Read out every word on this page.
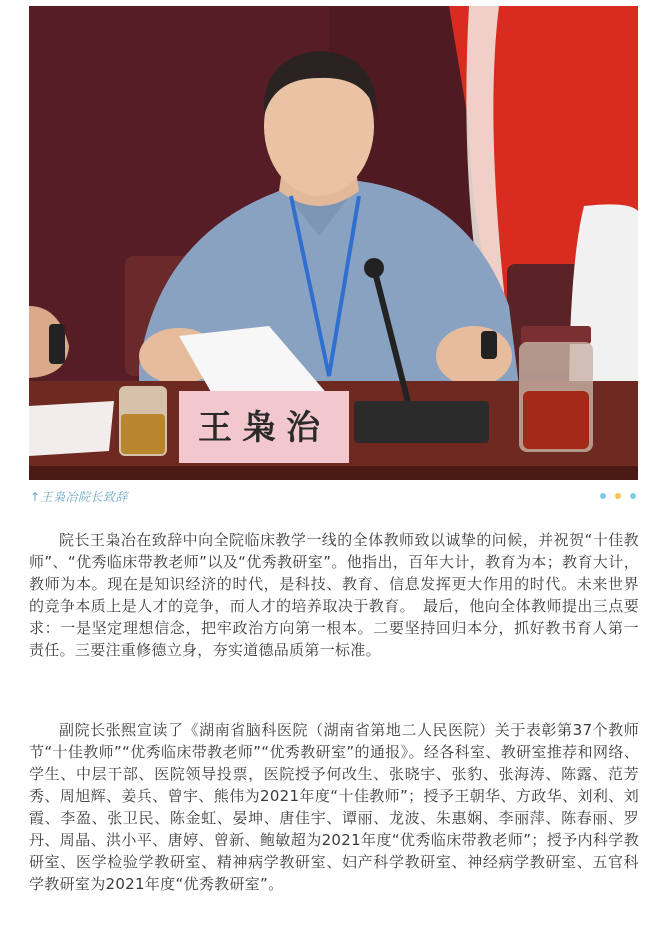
王枭治
↑王枭冶院长致辞

院长王枭冶在致辞中向全院临床教学一线的全体教师致以诚挚的问候，并祝贺“十佳教师”、“优秀临床带教老师”以及“优秀教研室”。他指出，百年大计，教育为本；教育大计，教师为本。现在是知识经济的时代，是科技、教育、信息发挥更大作用的时代。未来世界的竞争本质上是人才的竞争，而人才的培养取决于教育。　最后，他向全体教师提出三点要求：一是坚定理想信念，把牢政治方向第一根本。二要坚持回归本分，抓好教书育人第一责任。三要注重修德立身，夯实道德品质第一标准。

副院长张熙宣读了《湖南省脑科医院（湖南省第地二人民医院）关于表彰第37个教师节“十佳教师”“优秀临床带教老师”“优秀教研室”的通报》。经各科室、教研室推荐和网络、学生、中层干部、医院领导投票，医院授予何改生、张晓宇、张豹、张海涛、陈露、范芳秀、周旭辉、姜兵、曾宇、熊伟为2021年度“十佳教师”；授予王朝华、方政华、刘利、刘霞、李盈、张卫民、陈金虹、晏坤、唐佳宇、谭丽、龙波、朱惠娴、李丽萍、陈春丽、罗丹、周晶、洪小平、唐婷、曾新、鲍敏超为2021年度“优秀临床带教老师”；授予内科学教研室、医学检验学教研室、精神病学教研室、妇产科学教研室、神经病学教研室、五官科学教研室为2021年度“优秀教研室”。
